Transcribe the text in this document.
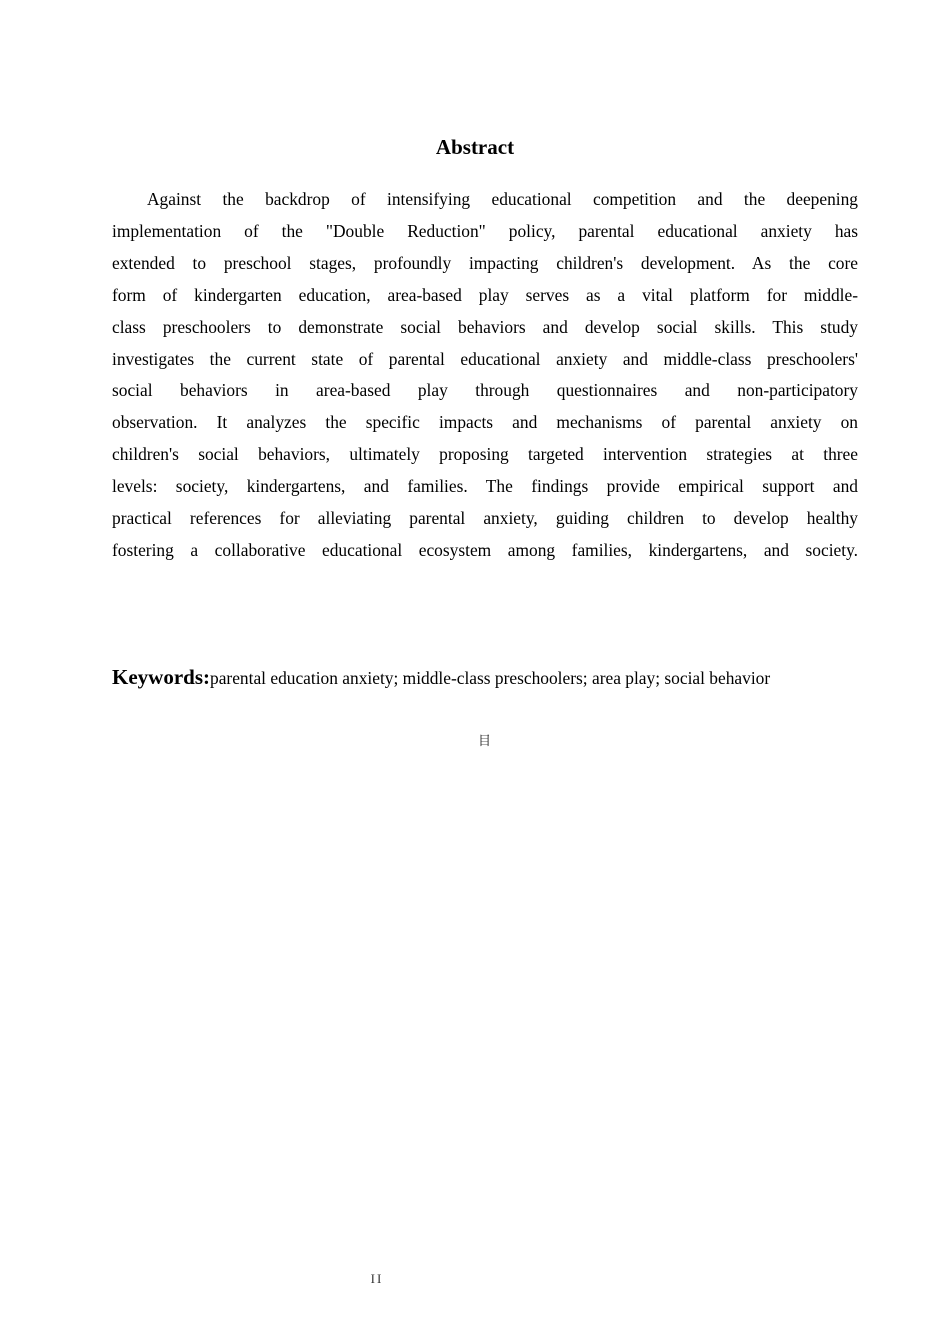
Abstract
Against the backdrop of intensifying educational competition and the deepening
implementation of the "Double Reduction" policy, parental educational anxiety has
extended to preschool stages, profoundly impacting children's development. As the core
form of kindergarten education, area-based play serves as a vital platform for middle-
class preschoolers to demonstrate social behaviors and develop social skills. This study
investigates the current state of parental educational anxiety and middle-class preschoolers'
social behaviors in area-based play through questionnaires and non-participatory
observation. It analyzes the specific impacts and mechanisms of parental anxiety on
children's social behaviors, ultimately proposing targeted intervention strategies at three
levels: society, kindergartens, and families. The findings provide empirical support and
practical references for alleviating parental anxiety, guiding children to develop healthy
fostering a collaborative educational ecosystem among families, kindergartens, and society.
Keywords:parental education anxiety; middle-class preschoolers; area play; social behavior
目
II
